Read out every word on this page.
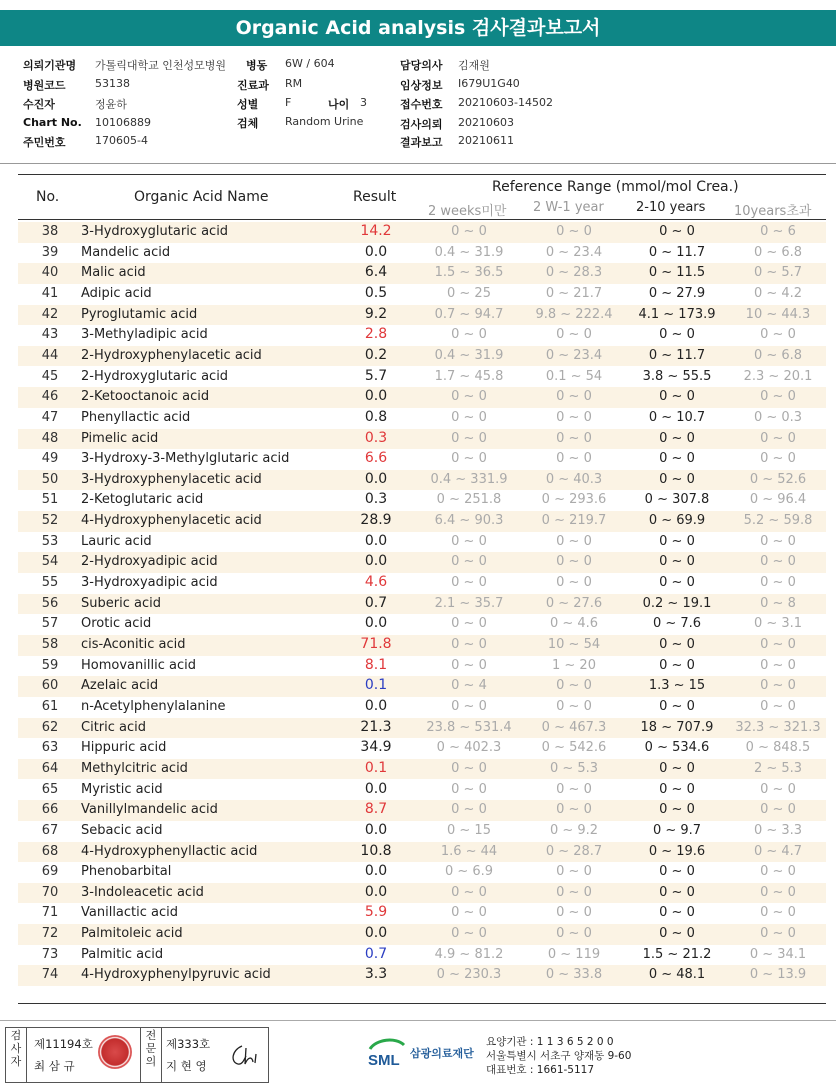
Organic Acid analysis 검사결과보고서
의뢰기관명 가톨릭대학교 인천성모병원 병동 6W / 604	담당의사 김재원
병원코드	53138	진료과 RM	임상정보 I679U1G40
수진자	정윤하	성별 F	나이 3	접수번호 20210603-14502
Chart No. 10106889	검체 Random Urine	검사의뢰 20210603
주민번호	170605-4	결과보고 20210611
No.	Organic Acid Name	Result
Reference Range (mmol/mol Crea.)
2 weeks미만 2 W-1 year 2-10 years 10years초과
38	3-Hydroxyglutaric acid	14.2	0 ~ 0	0 ~ 0	0 ~ 0	0 ~ 6
39	Mandelic acid	0.0	0.4 ~ 31.9	0 ~ 23.4	0 ~ 11.7	0 ~ 6.8
40	Malic acid	6.4	1.5 ~ 36.5	0 ~ 28.3	0 ~ 11.5	0 ~ 5.7
41	Adipic acid	0.5	0 ~ 25	0 ~ 21.7	0 ~ 27.9	0 ~ 4.2
42	Pyroglutamic acid	9.2	0.7 ~ 94.7	9.8 ~ 222.4	4.1 ~ 173.9	10 ~ 44.3
43	3-Methyladipic acid	2.8	0 ~ 0	0 ~ 0	0 ~ 0	0 ~ 0
44	2-Hydroxyphenylacetic acid	0.2	0.4 ~ 31.9	0 ~ 23.4	0 ~ 11.7	0 ~ 6.8
45	2-Hydroxyglutaric acid	5.7	1.7 ~ 45.8	0.1 ~ 54	3.8 ~ 55.5	2.3 ~ 20.1
46	2-Ketooctanoic acid	0.0	0 ~ 0	0 ~ 0	0 ~ 0	0 ~ 0
47	Phenyllactic acid	0.8	0 ~ 0	0 ~ 0	0 ~ 10.7	0 ~ 0.3
48	Pimelic acid	0.3	0 ~ 0	0 ~ 0	0 ~ 0	0 ~ 0
49	3-Hydroxy-3-Methylglutaric acid	6.6	0 ~ 0	0 ~ 0	0 ~ 0	0 ~ 0
50	3-Hydroxyphenylacetic acid	0.0	0.4 ~ 331.9	0 ~ 40.3	0 ~ 0	0 ~ 52.6
51	2-Ketoglutaric acid	0.3	0 ~ 251.8	0 ~ 293.6	0 ~ 307.8	0 ~ 96.4
52	4-Hydroxyphenylacetic acid	28.9	6.4 ~ 90.3	0 ~ 219.7	0 ~ 69.9	5.2 ~ 59.8
53	Lauric acid	0.0	0 ~ 0	0 ~ 0	0 ~ 0	0 ~ 0
54	2-Hydroxyadipic acid	0.0	0 ~ 0	0 ~ 0	0 ~ 0	0 ~ 0
55	3-Hydroxyadipic acid	4.6	0 ~ 0	0 ~ 0	0 ~ 0	0 ~ 0
56	Suberic acid	0.7	2.1 ~ 35.7	0 ~ 27.6	0.2 ~ 19.1	0 ~ 8
57	Orotic acid	0.0	0 ~ 0	0 ~ 4.6	0 ~ 7.6	0 ~ 3.1
58	cis-Aconitic acid	71.8	0 ~ 0	10 ~ 54	0 ~ 0	0 ~ 0
59	Homovanillic acid	8.1	0 ~ 0	1 ~ 20	0 ~ 0	0 ~ 0
60	Azelaic acid	0.1	0 ~ 4	0 ~ 0	1.3 ~ 15	0 ~ 0
61	n-Acetylphenylalanine	0.0	0 ~ 0	0 ~ 0	0 ~ 0	0 ~ 0
62	Citric acid	21.3	23.8 ~ 531.4	0 ~ 467.3	18 ~ 707.9	32.3 ~ 321.3
63	Hippuric acid	34.9	0 ~ 402.3	0 ~ 542.6	0 ~ 534.6	0 ~ 848.5
64	Methylcitric acid	0.1	0 ~ 0	0 ~ 5.3	0 ~ 0	2 ~ 5.3
65	Myristic acid	0.0	0 ~ 0	0 ~ 0	0 ~ 0	0 ~ 0
66	Vanillylmandelic acid	8.7	0 ~ 0	0 ~ 0	0 ~ 0	0 ~ 0
67	Sebacic acid	0.0	0 ~ 15	0 ~ 9.2	0 ~ 9.7	0 ~ 3.3
68	4-Hydroxyphenyllactic acid	10.8	1.6 ~ 44	0 ~ 28.7	0 ~ 19.6	0 ~ 4.7
69	Phenobarbital	0.0	0 ~ 6.9	0 ~ 0	0 ~ 0	0 ~ 0
70	3-Indoleacetic acid	0.0	0 ~ 0	0 ~ 0	0 ~ 0	0 ~ 0
71	Vanillactic acid	5.9	0 ~ 0	0 ~ 0	0 ~ 0	0 ~ 0
72	Palmitoleic acid	0.0	0 ~ 0	0 ~ 0	0 ~ 0	0 ~ 0
73	Palmitic acid	0.7	4.9 ~ 81.2	0 ~ 119	1.5 ~ 21.2	0 ~ 34.1
74	4-Hydroxyphenylpyruvic acid	3.3	0 ~ 230.3	0 ~ 33.8	0 ~ 48.1	0 ~ 13.9
검사자
제11194호
최 삼 규
전문의
제333호
지 현 영	SML 삼광의료재단
요양기관 : 1 1 3 6 5 2 0 0
서울특별시 서초구 양재동 9-60
대표번호 : 1661-5117
